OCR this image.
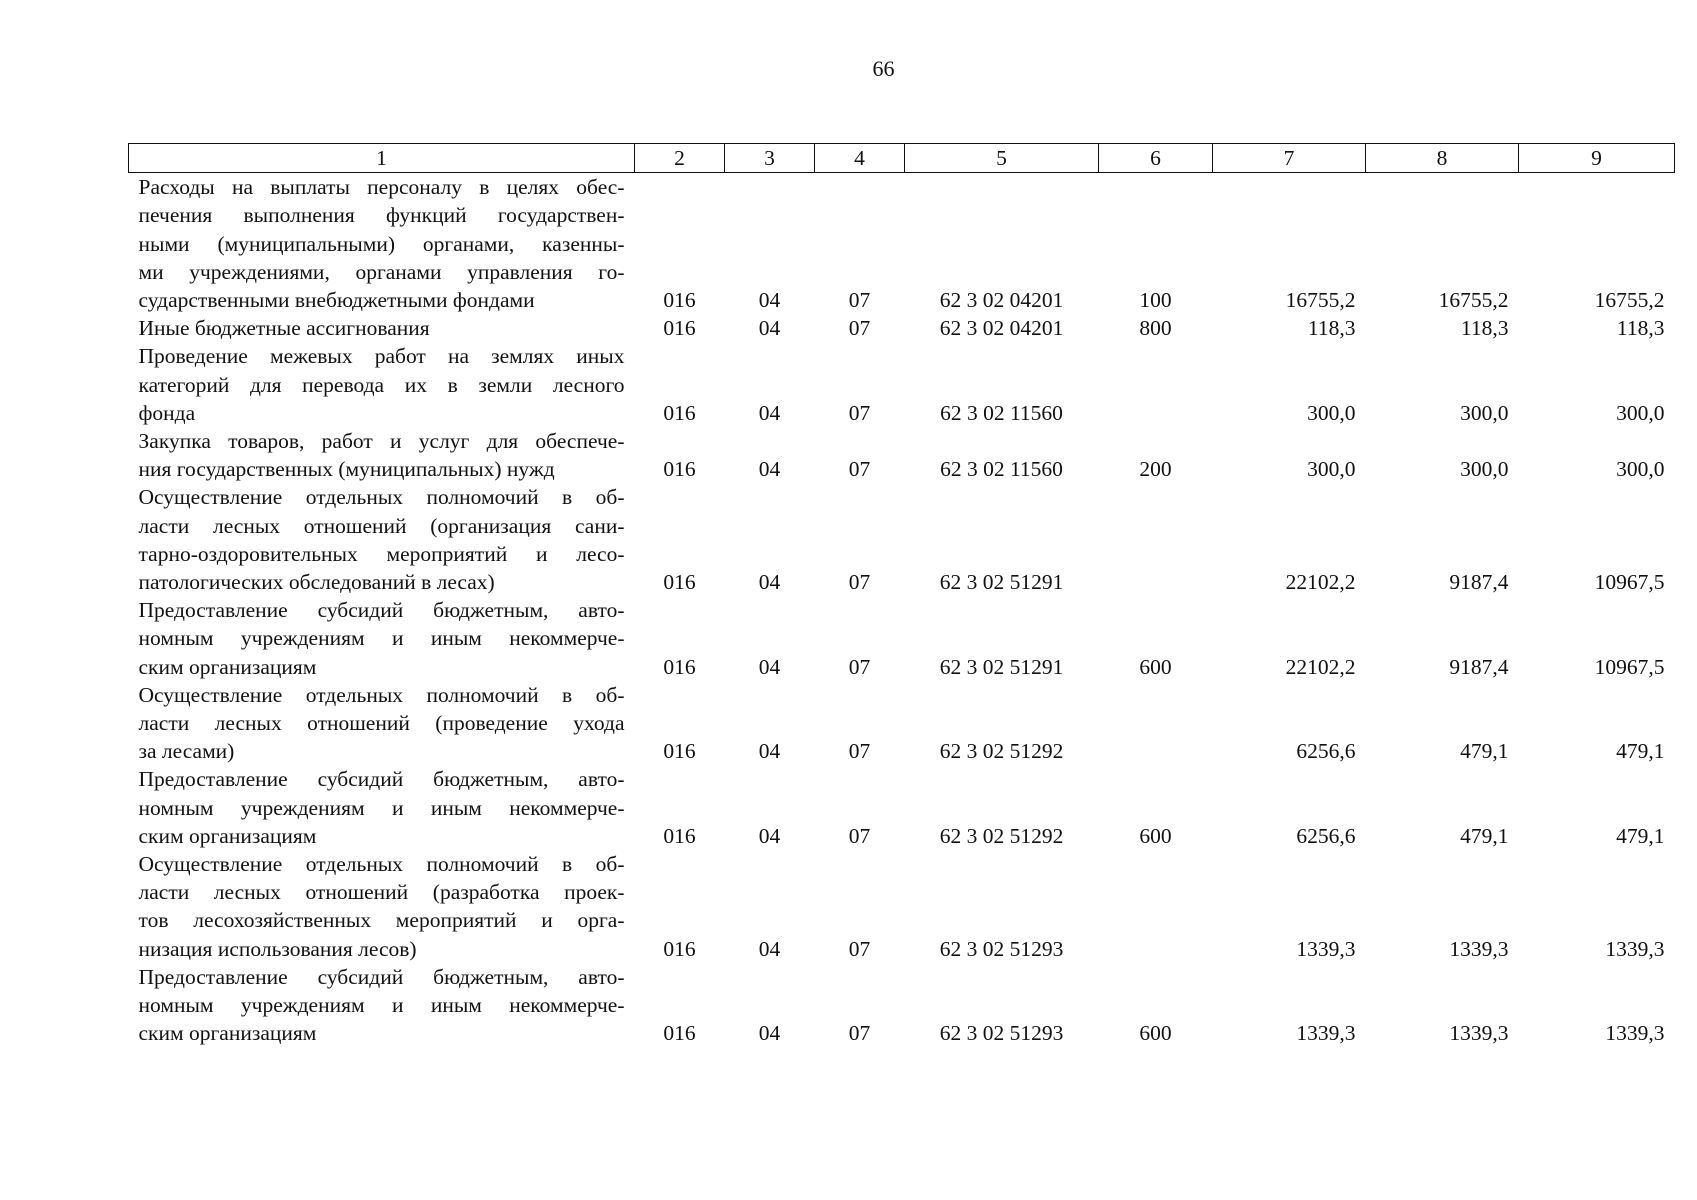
66
1	2	3	4	5	6	7	8	9

Расходы на выплаты персоналу в целях обес-
печения выполнения функций государствен-
ными (муниципальными) органами, казенны-
ми учреждениями, органами управления го-
сударственными внебюджетными фондами	016	04	07	62 3 02 04201	100	16755,2	16755,2	16755,2

Иные бюджетные ассигнования	016	04	07	62 3 02 04201	800	118,3	118,3	118,3

Проведение межевых работ на землях иных
категорий для перевода их в земли лесного
фонда	016	04	07	62 3 02 11560		300,0	300,0	300,0

Закупка товаров, работ и услуг для обеспече-
ния государственных (муниципальных) нужд	016	04	07	62 3 02 11560	200	300,0	300,0	300,0

Осуществление отдельных полномочий в об-
ласти лесных отношений (организация сани-
тарно-оздоровительных мероприятий и лесо-
патологических обследований в лесах)	016	04	07	62 3 02 51291		22102,2	9187,4	10967,5

Предоставление субсидий бюджетным, авто-
номным учреждениям и иным некоммерче-
ским организациям	016	04	07	62 3 02 51291	600	22102,2	9187,4	10967,5

Осуществление отдельных полномочий в об-
ласти лесных отношений (проведение ухода
за лесами)	016	04	07	62 3 02 51292		6256,6	479,1	479,1

Предоставление субсидий бюджетным, авто-
номным учреждениям и иным некоммерче-
ским организациям	016	04	07	62 3 02 51292	600	6256,6	479,1	479,1

Осуществление отдельных полномочий в об-
ласти лесных отношений (разработка проек-
тов лесохозяйственных мероприятий и орга-
низация использования лесов)	016	04	07	62 3 02 51293		1339,3	1339,3	1339,3

Предоставление субсидий бюджетным, авто-
номным учреждениям и иным некоммерче-
ским организациям	016	04	07	62 3 02 51293	600	1339,3	1339,3	1339,3
